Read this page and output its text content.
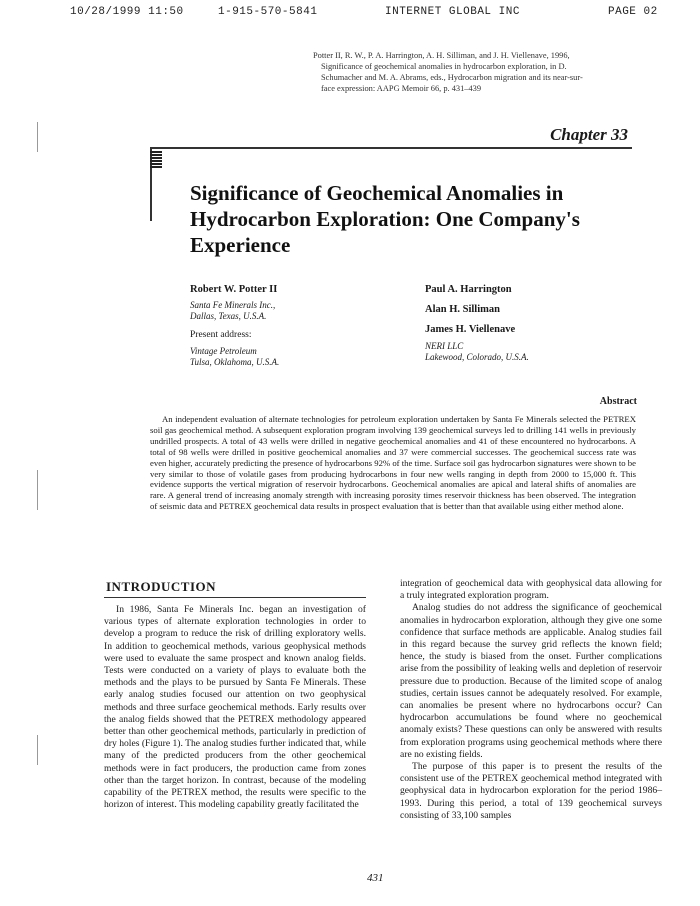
10/28/1999 11:50	1-915-570-5841	INTERNET GLOBAL INC	PAGE 02
Potter II, R. W., P. A. Harrington, A. H. Silliman, and J. H. Viellenave, 1996,
Significance of geochemical anomalies in hydrocarbon exploration, in D.
Schumacher and M. A. Abrams, eds., Hydrocarbon migration and its near-sur-
face expression: AAPG Memoir 66, p. 431–439
Chapter 33
Significance of Geochemical Anomalies in
Hydrocarbon Exploration: One Company's
Experience
Robert W. Potter II
Santa Fe Minerals Inc.,
Dallas, Texas, U.S.A.
Present address:
Vintage Petroleum
Tulsa, Oklahoma, U.S.A.
Paul A. Harrington
Alan H. Silliman
James H. Viellenave
NERI LLC
Lakewood, Colorado, U.S.A.
Abstract
An independent evaluation of alternate technologies for petroleum exploration undertaken by Santa Fe Minerals selected the PETREX soil gas geochemical method. A subsequent exploration program involving 139 geochemical surveys led to drilling 141 wells in previously undrilled prospects. A total of 43 wells were drilled in negative geochemical anomalies and 41 of these encountered no hydrocarbons. A total of 98 wells were drilled in positive geochemical anomalies and 37 were commercial successes. The geochemical success rate was even higher, accurately predicting the presence of hydrocarbons 92% of the time. Surface soil gas hydrocarbon signatures were shown to be very similar to those of volatile gases from producing hydrocarbons in four new wells ranging in depth from 2000 to 15,000 ft. This evidence supports the vertical migration of reservoir hydrocarbons. Geochemical anomalies are apical and lateral shifts of anomalies are rare. A general trend of increasing anomaly strength with increasing porosity times reservoir thickness has been observed. The integration of seismic data and PETREX geochemical data results in prospect evaluation that is better than that available using either method alone.
INTRODUCTION

In 1986, Santa Fe Minerals Inc. began an investigation of various types of alternate exploration technologies in order to develop a program to reduce the risk of drilling exploratory wells. In addition to geochemical methods, various geophysical methods were used to evaluate the same prospect and known analog fields. Tests were conducted on a variety of plays to evaluate both the methods and the plays to be pursued by Santa Fe Minerals. These early analog studies focused our attention on two geophysical methods and three surface geochemical methods. Early results over the analog fields showed that the PETREX methodology appeared better than other geochemical methods, particularly in prediction of dry holes (Figure 1). The analog studies further indicated that, while many of the predicted producers from the other geochemical methods were in fact producers, the production came from zones other than the target horizon. In contrast, because of the modeling capability of the PETREX method, the results were specific to the horizon of interest. This modeling capability greatly facilitated the

integration of geochemical data with geophysical data allowing for a truly integrated exploration program.

Analog studies do not address the significance of geochemical anomalies in hydrocarbon exploration, although they give one some confidence that surface methods are applicable. Analog studies fail in this regard because the survey grid reflects the known field; hence, the study is biased from the onset. Further complications arise from the possibility of leaking wells and depletion of reservoir pressure due to production. Because of the limited scope of analog studies, certain issues cannot be adequately resolved. For example, can anomalies be present where no hydrocarbons occur? Can hydrocarbon accumulations be found where no geochemical anomaly exists? These questions can only be answered with results from exploration programs using geochemical methods where there are no existing fields.

The purpose of this paper is to present the results of the consistent use of the PETREX geochemical method integrated with geophysical data in hydrocarbon exploration for the period 1986–1993. During this period, a total of 139 geochemical surveys consisting of 33,100 samples

431
